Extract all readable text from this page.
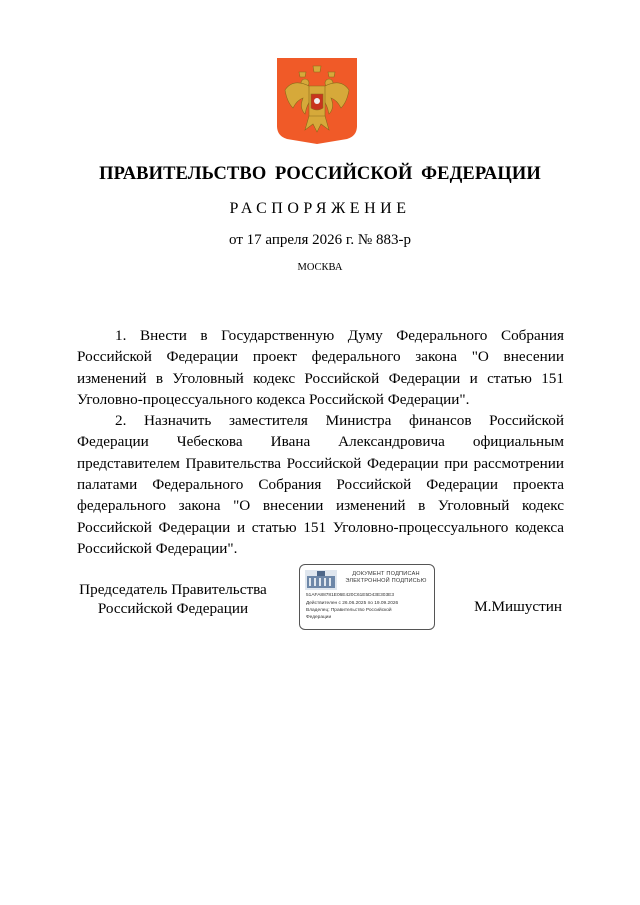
ПРАВИТЕЛЬСТВО РОССИЙСКОЙ ФЕДЕРАЦИИ
РАСПОРЯЖЕНИЕ
от 17 апреля 2026 г. № 883-р
МОСКВА

1. Внести в Государственную Думу Федерального Собрания Российской Федерации проект федерального закона "О внесении изменений в Уголовный кодекс Российской Федерации и статью 151 Уголовно-процессуального кодекса Российской Федерации".

2. Назначить заместителя Министра финансов Российской Федерации Чебескова Ивана Александровича официальным представителем Правительства Российской Федерации при рассмотрении палатами Федерального Собрания Российской Федерации проекта федерального закона "О внесении изменений в Уголовный кодекс Российской Федерации и статью 151 Уголовно-процессуального кодекса Российской Федерации".

Председатель Правительства
Российской Федерации
ДОКУМЕНТ ПОДПИСАН
ЭЛЕКТРОННОЙ ПОДПИСЬЮ
51AFA88781E06E420C61E5D43E303E3
Действителен с 26.06.2025 по 19.09.2026
Владелец: Правительство Российской
Федерации
М.Мишустин
